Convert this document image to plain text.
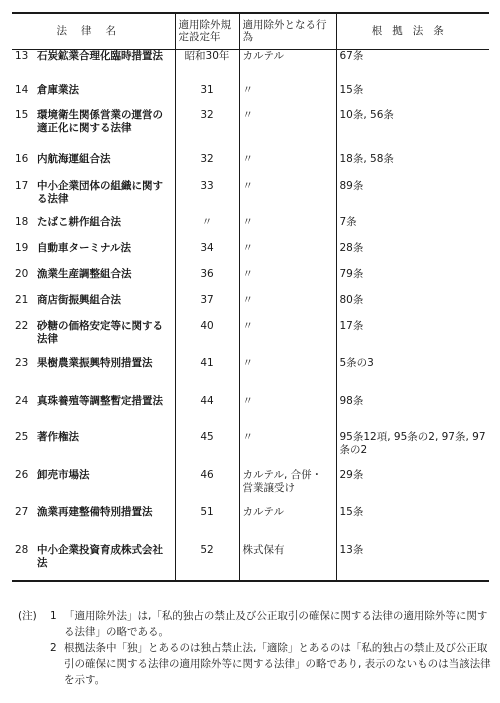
法律名	適用除外規定設定年	適用除外となる行為	根拠法条
13 石炭鉱業合理化臨時措置法	昭和30年	カルテル	67条
14 倉庫業法	31	〃	15条
15 環境衛生関係営業の運営の適正化に関する法律	32	〃	10条, 56条
16 内航海運組合法	32	〃	18条, 58条
17 中小企業団体の組織に関する法律	33	〃	89条
18 たばこ耕作組合法	〃	〃	7条
19 自動車ターミナル法	34	〃	28条
20 漁業生産調整組合法	36	〃	79条
21 商店街振興組合法	37	〃	80条
22 砂糖の価格安定等に関する法律	40	〃	17条
23 果樹農業振興特別措置法	41	〃	5条の3
24 真珠養殖等調整暫定措置法	44	〃	98条
25 著作権法	45	〃	95条12項, 95条の2, 97条, 97条の2
26 卸売市場法	46	カルテル, 合併・営業譲受け	29条
27 漁業再建整備特別措置法	51	カルテル	15条
28 中小企業投資育成株式会社法	52	株式保有	13条
(注)	1 「適用除外法」は,「私的独占の禁止及び公正取引の確保に関する法律の適用除外等に関する法律」の略である。
2 根拠法条中「独」とあるのは独占禁止法,「適除」とあるのは「私的独占の禁止及び公正取引の確保に関する法律の適用除外等に関する法律」の略であり, 表示のないものは当該法律を示す。
